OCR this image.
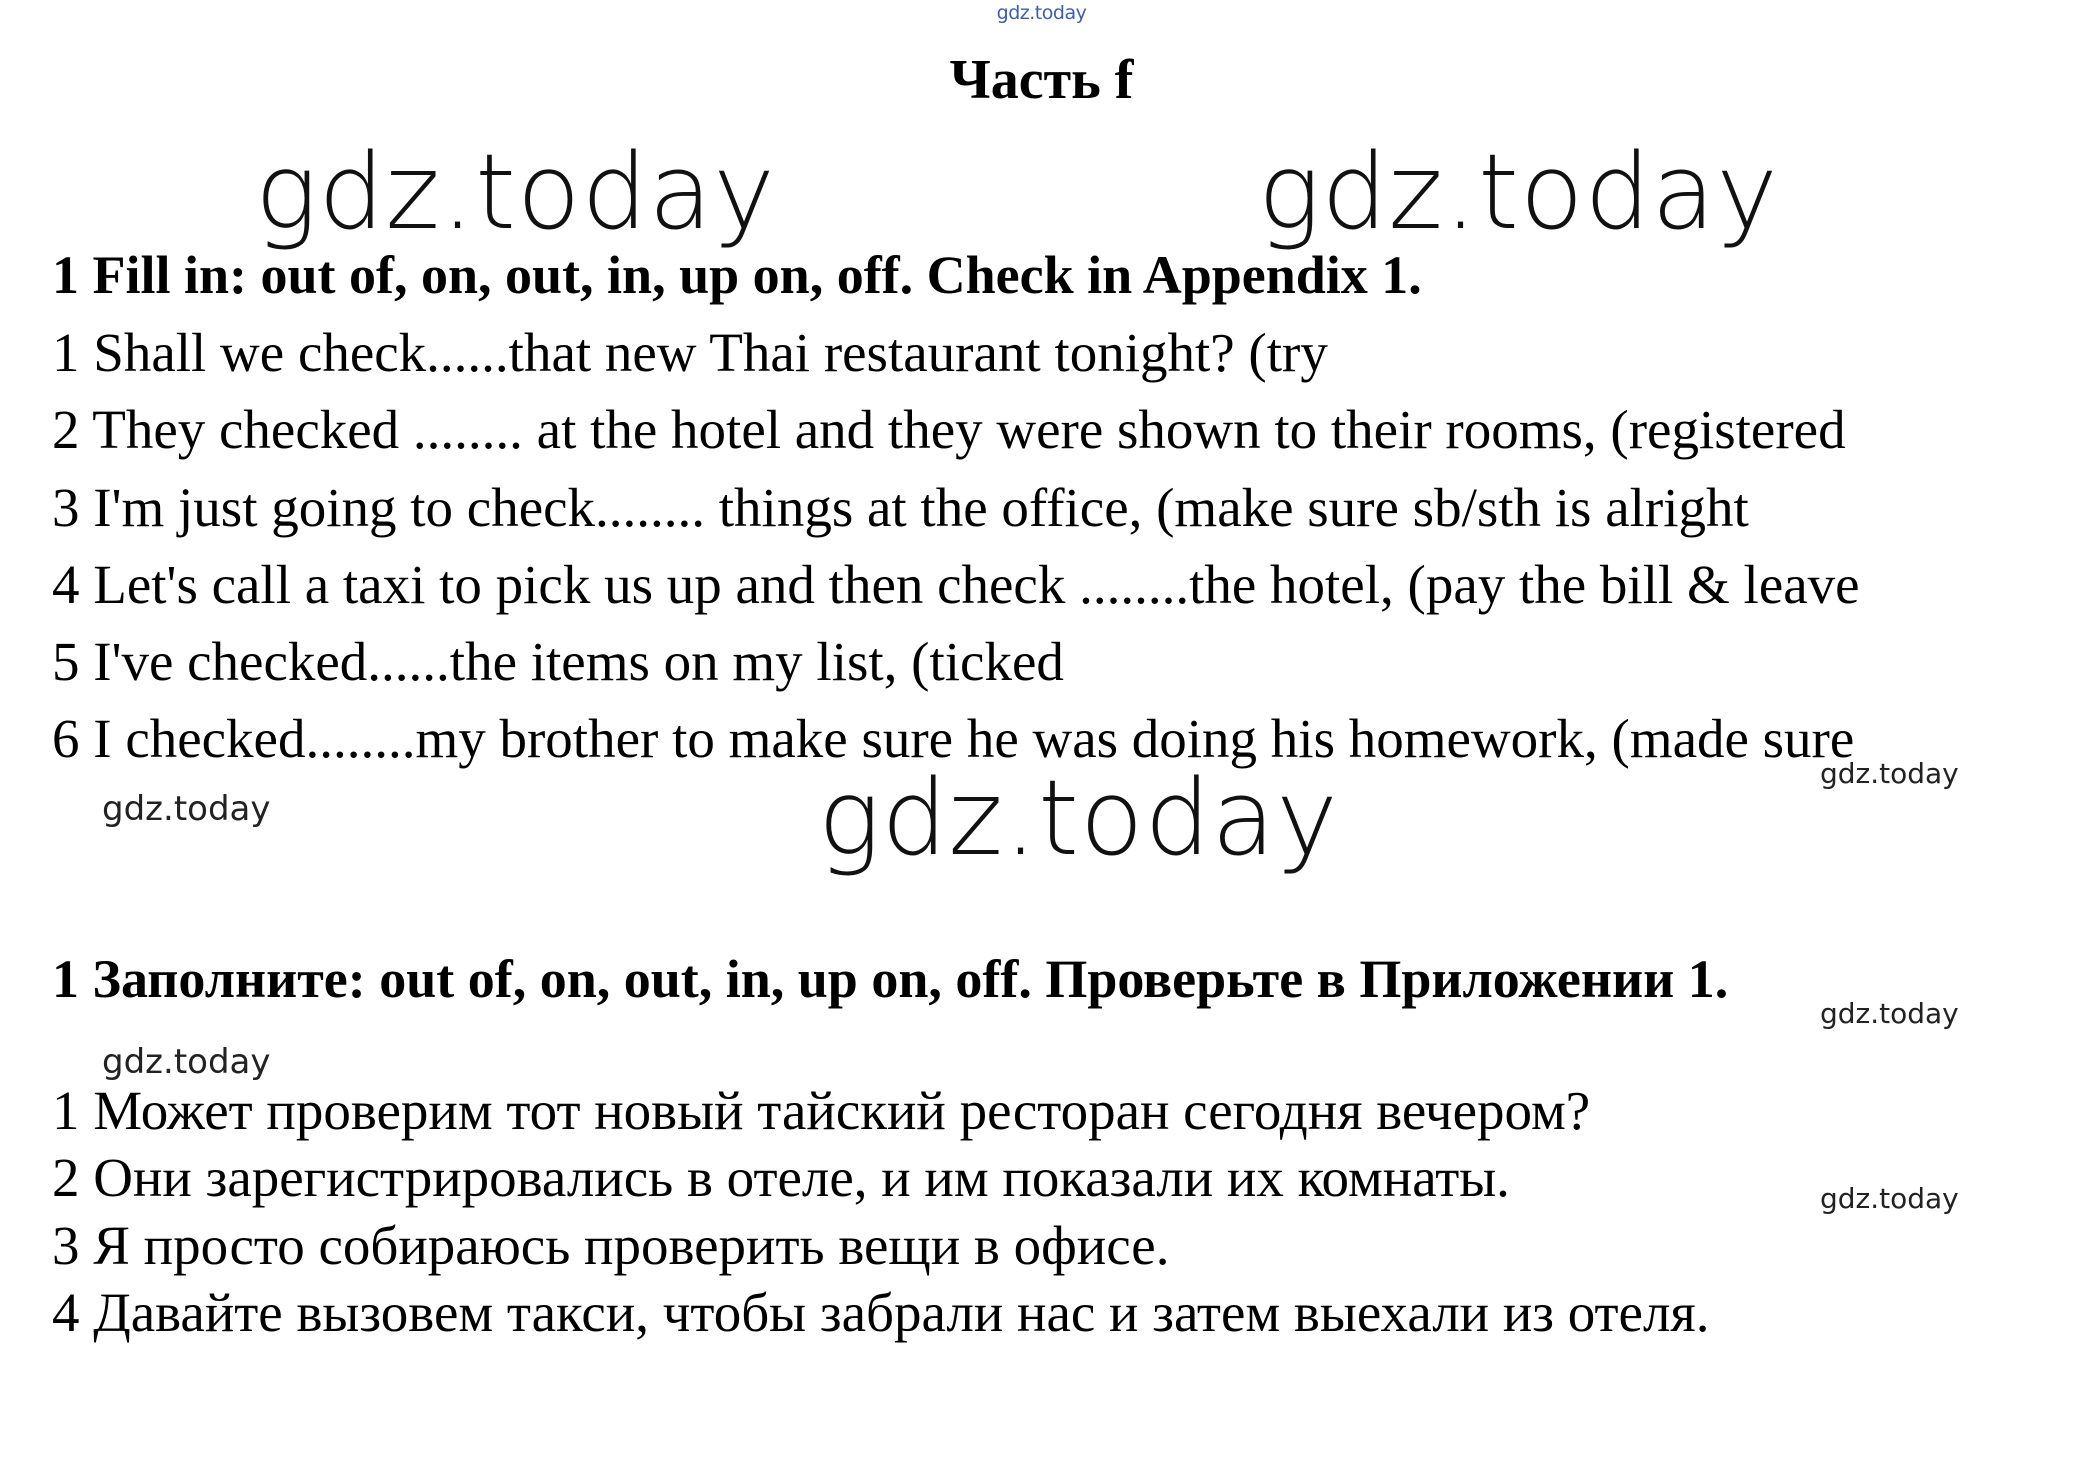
gdz.today
Часть f
gdz.today	gdz.today
1 Fill in: out of, on, out, in, up on, off. Check in Appendix 1.
1 Shall we check......that new Thai restaurant tonight? (try
2 They checked ........ at the hotel and they were shown to their rooms, (registered
3 I'm just going to check........ things at the office, (make sure sb/sth is alright
4 Let's call a taxi to pick us up and then check ........the hotel, (pay the bill & leave
5 I've checked......the items on my list, (ticked
6 I checked........my brother to make sure he was doing his homework, (made sure
gdz.today
gdz.today	gdz.today
1 Заполните: out of, on, out, in, up on, off. Проверьте в Приложении 1.
gdz.today
gdz.today
1 Может проверим тот новый тайский ресторан сегодня вечером?
2 Они зарегистрировались в отеле, и им показали их комнаты.	gdz.today
3 Я просто собираюсь проверить вещи в офисе.
4 Давайте вызовем такси, чтобы забрали нас и затем выехали из отеля.
